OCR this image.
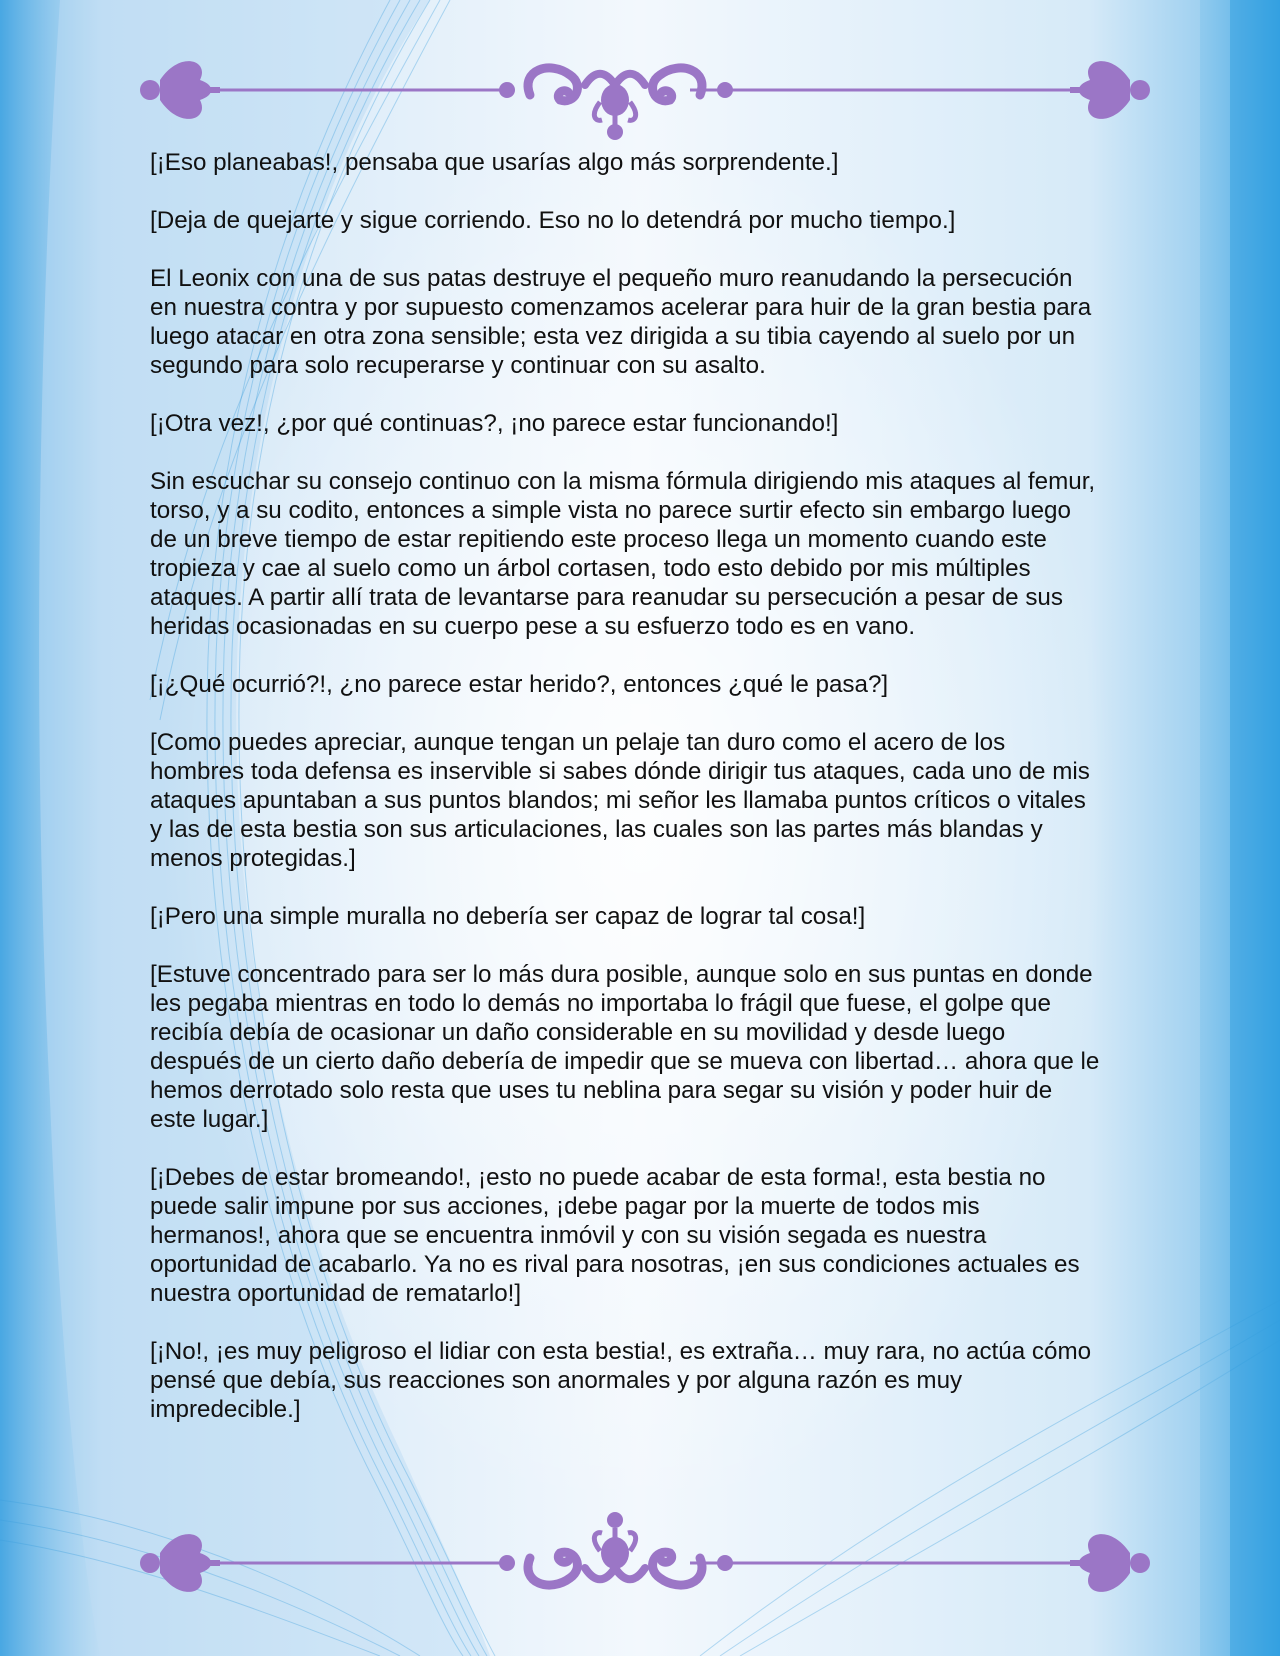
[¡Eso planeabas!, pensaba que usarías algo más sorprendente.]

[Deja de quejarte y sigue corriendo. Eso no lo detendrá por mucho tiempo.]

El Leonix con una de sus patas destruye el pequeño muro reanudando la persecución en nuestra contra y por supuesto comenzamos acelerar para huir de la gran bestia para luego atacar en otra zona sensible; esta vez dirigida a su tibia cayendo al suelo por un segundo para solo recuperarse y continuar con su asalto.

[¡Otra vez!, ¿por qué continuas?, ¡no parece estar funcionando!]

Sin escuchar su consejo continuo con la misma fórmula dirigiendo mis ataques al femur, torso, y a su codito, entonces a simple vista no parece surtir efecto sin embargo luego de un breve tiempo de estar repitiendo este proceso llega un momento cuando este tropieza y cae al suelo como un árbol cortasen, todo esto debido por mis múltiples ataques. A partir allí trata de levantarse para reanudar su persecución a pesar de sus heridas ocasionadas en su cuerpo pese a su esfuerzo todo es en vano.

[¡¿Qué ocurrió?!, ¿no parece estar herido?, entonces ¿qué le pasa?]

[Como puedes apreciar, aunque tengan un pelaje tan duro como el acero de los hombres toda defensa es inservible si sabes dónde dirigir tus ataques, cada uno de mis ataques apuntaban a sus puntos blandos; mi señor les llamaba puntos críticos o vitales y las de esta bestia son sus articulaciones, las cuales son las partes más blandas y menos protegidas.]

[¡Pero una simple muralla no debería ser capaz de lograr tal cosa!]

[Estuve concentrado para ser lo más dura posible, aunque solo en sus puntas en donde les pegaba mientras en todo lo demás no importaba lo frágil que fuese, el golpe que recibía debía de ocasionar un daño considerable en su movilidad y desde luego después de un cierto daño debería de impedir que se mueva con libertad… ahora que le hemos derrotado solo resta que uses tu neblina para segar su visión y poder huir de este lugar.]

[¡Debes de estar bromeando!, ¡esto no puede acabar de esta forma!, esta bestia no puede salir impune por sus acciones, ¡debe pagar por la muerte de todos mis hermanos!, ahora que se encuentra inmóvil y con su visión segada es nuestra oportunidad de acabarlo. Ya no es rival para nosotras, ¡en sus condiciones actuales es nuestra oportunidad de rematarlo!]

[¡No!, ¡es muy peligroso el lidiar con esta bestia!, es extraña… muy rara, no actúa cómo pensé que debía, sus reacciones son anormales y por alguna razón es muy impredecible.]
